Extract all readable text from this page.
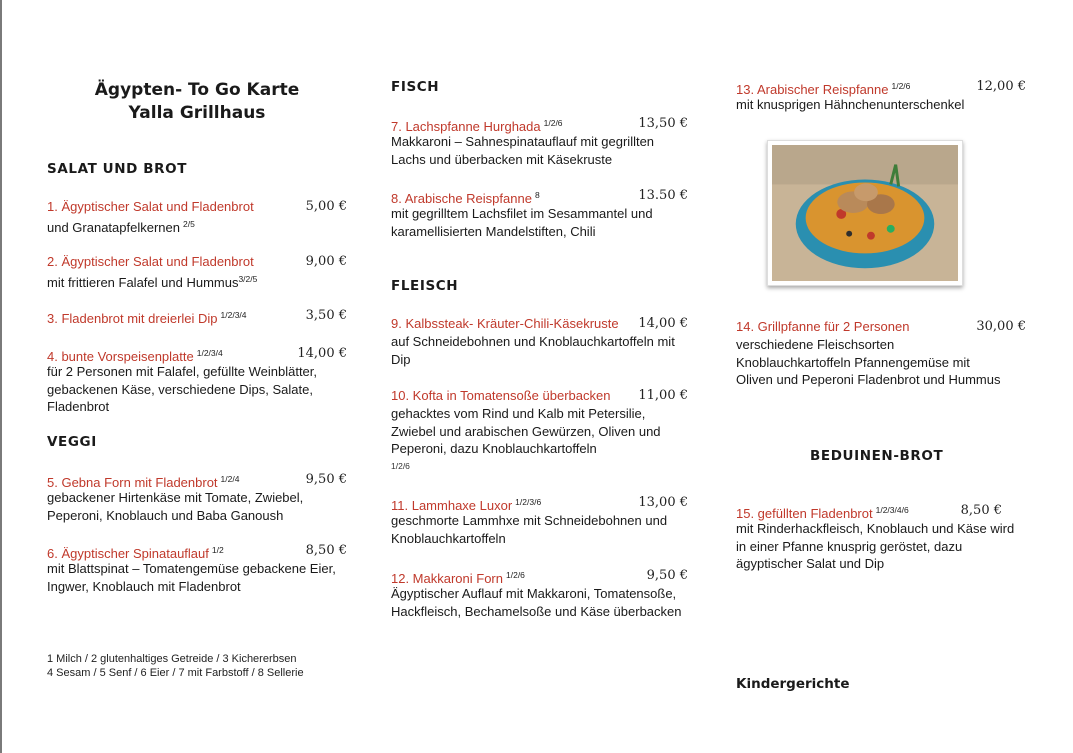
Ägypten- To Go Karte
Yalla Grillhaus
SALAT UND BROT
1. Ägyptischer Salat und Fladenbrot	5,00 €
und Granatapfelkernen $^{2/5}$
2. Ägyptischer Salat und Fladenbrot	9,00 €
mit frittieren Falafel und Hummus$^{3/2/5}$
3. Fladenbrot mit dreierlei Dip $^{1/2/3/4}$	3,50 €
4. bunte Vorspeisenplatte $^{1/2/3/4}$	14,00 €
für 2 Personen mit Falafel, gefüllte Weinblätter, gebackenen Käse, verschiedene Dips, Salate, Fladenbrot
VEGGI
5. Gebna Forn mit Fladenbrot $^{1/2/4}$	9,50 €
gebackener Hirtenkäse mit Tomate, Zwiebel, Peperoni, Knoblauch und Baba Ganoush
6. Ägyptischer Spinatauflauf $^{1/2}$	8,50 €
mit Blattspinat – Tomatengemüse gebackene Eier, Ingwer, Knoblauch mit Fladenbrot
1 Milch / 2 glutenhaltiges Getreide / 3 Kichererbsen
4 Sesam / 5 Senf / 6 Eier / 7 mit Farbstoff / 8 Sellerie
FISCH
7. Lachspfanne Hurghada $^{1/2/6}$	13,50 €
Makkaroni – Sahnespinatauflauf mit gegrillten Lachs und überbacken mit Käsekruste
8. Arabische Reispfanne $^8$	13.50 €
mit gegrilltem Lachsfilet im Sesammantel und karamellisierten Mandelstiften, Chili
FLEISCH
9. Kalbssteak- Kräuter-Chili-Käsekruste 14,00 €
auf Schneidebohnen und Knoblauchkartoffeln mit Dip
10. Kofta in Tomatensoße überbacken 11,00 €
gehacktes vom Rind und Kalb mit Petersilie, Zwiebel und arabischen Gewürzen, Oliven und Peperoni, dazu Knoblauchkartoffeln
1/2/6
11. Lammhaxe Luxor $^{1/2/3/6}$	13,00 €
geschmorte Lammhxe mit Schneidebohnen und Knoblauchkartoffeln
12. Makkaroni Forn $^{1/2/6}$	9,50 €
Ägyptischer Auflauf mit Makkaroni, Tomatensoße, Hackfleisch, Bechamelsoße und Käse überbacken
13. Arabischer Reispfanne $^{1/2/6}$	12,00 €
mit knusprigen Hähnchenunterschenkel
14. Grillpfanne für 2 Personen	30,00 €
verschiedene Fleischsorten Knoblauchkartoffeln Pfannengemüse mit Oliven und Peperoni Fladenbrot und Hummus
BEDUINEN-BROT
15. gefüllten Fladenbrot $^{1/2/3/4/6}$	8,50 €
mit Rinderhackfleisch, Knoblauch und Käse wird in einer Pfanne knusprig geröstet, dazu ägyptischer Salat und Dip
Kindergerichte
